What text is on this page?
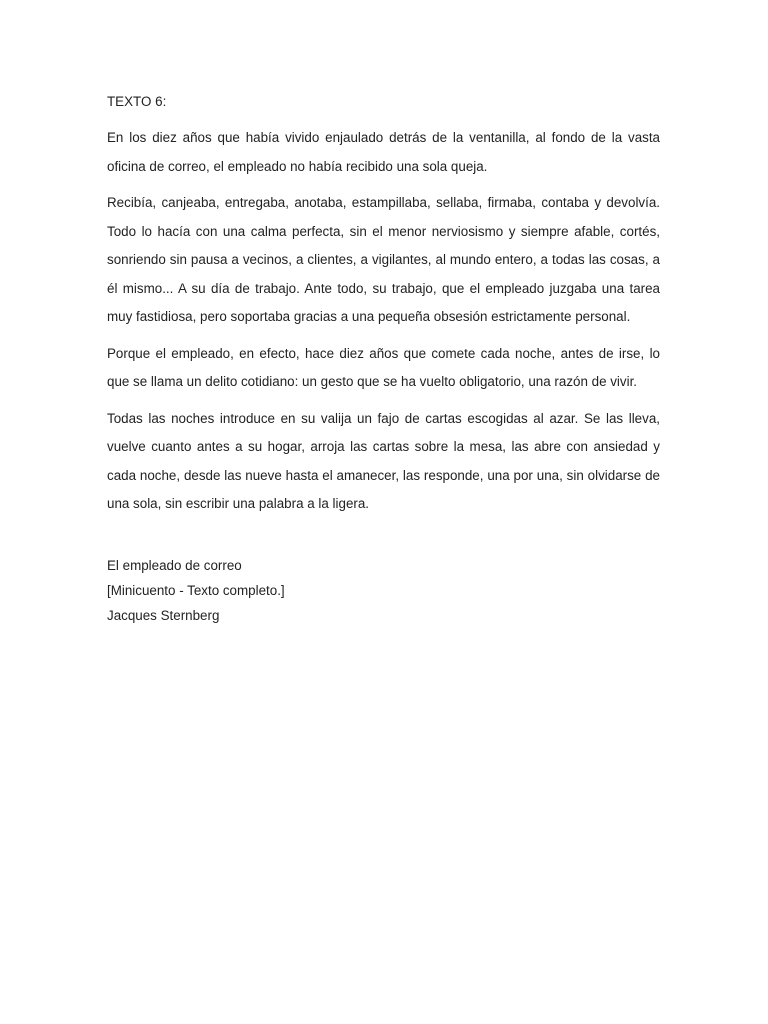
TEXTO 6:

En los diez años que había vivido enjaulado detrás de la ventanilla, al fondo de la vasta oficina de correo, el empleado no había recibido una sola queja.

Recibía, canjeaba, entregaba, anotaba, estampillaba, sellaba, firmaba, contaba y devolvía. Todo lo hacía con una calma perfecta, sin el menor nerviosismo y siempre afable, cortés, sonriendo sin pausa a vecinos, a clientes, a vigilantes, al mundo entero, a todas las cosas, a él mismo... A su día de trabajo. Ante todo, su trabajo, que el empleado juzgaba una tarea muy fastidiosa, pero soportaba gracias a una pequeña obsesión estrictamente personal.

Porque el empleado, en efecto, hace diez años que comete cada noche, antes de irse, lo que se llama un delito cotidiano: un gesto que se ha vuelto obligatorio, una razón de vivir.

Todas las noches introduce en su valija un fajo de cartas escogidas al azar. Se las lleva, vuelve cuanto antes a su hogar, arroja las cartas sobre la mesa, las abre con ansiedad y cada noche, desde las nueve hasta el amanecer, las responde, una por una, sin olvidarse de una sola, sin escribir una palabra a la ligera.

El empleado de correo
[Minicuento - Texto completo.]
Jacques Sternberg
